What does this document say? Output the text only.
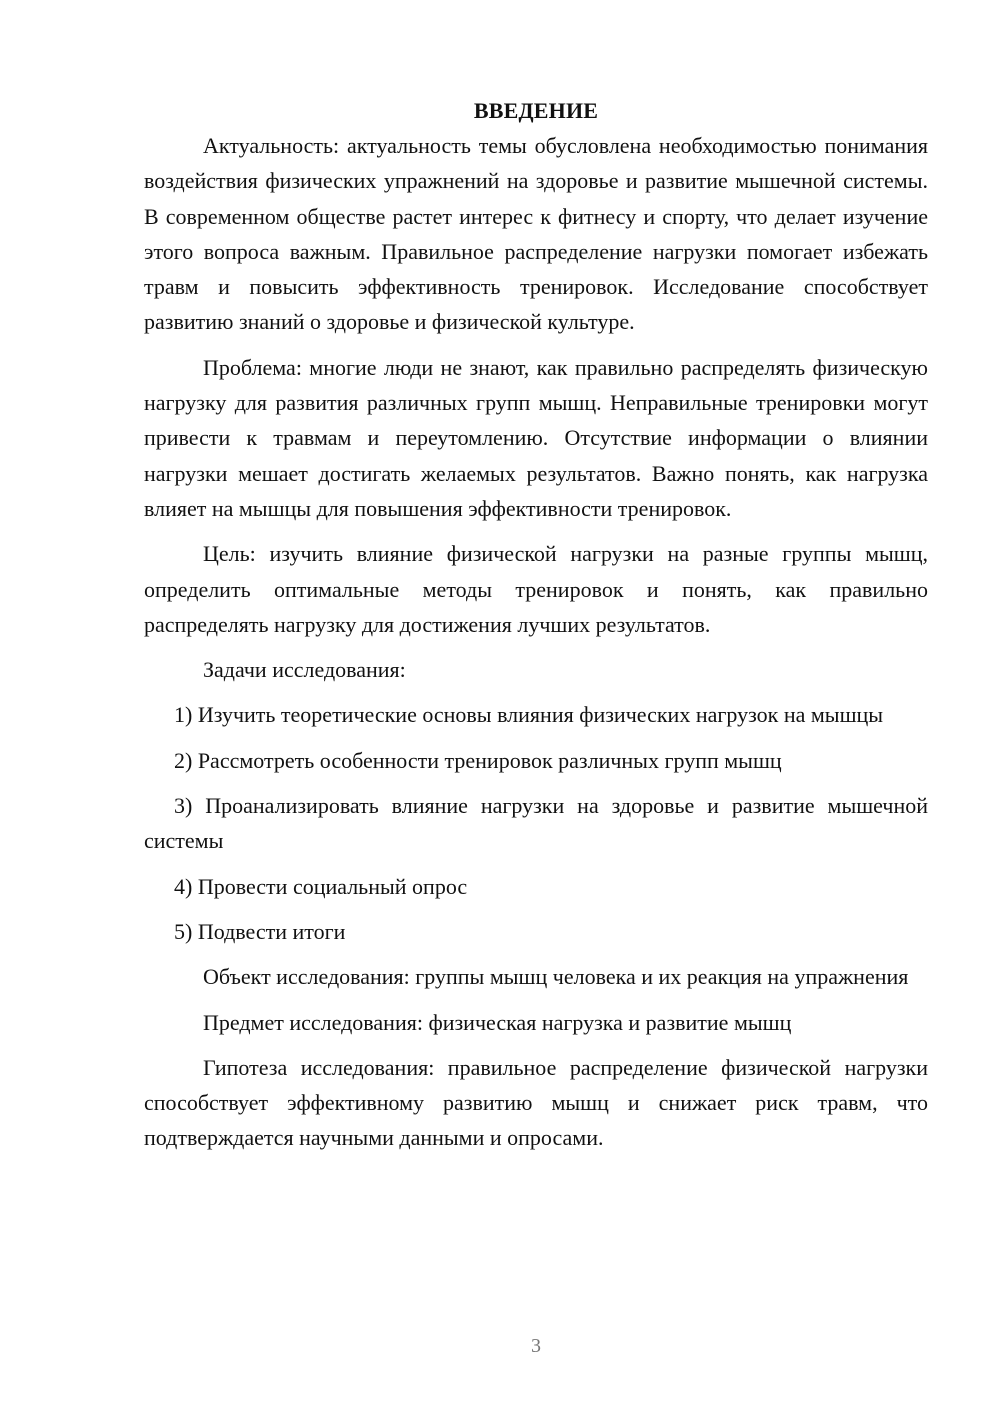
ВВЕДЕНИЕ

Актуальность: актуальность темы обусловлена необходимостью понимания воздействия физических упражнений на здоровье и развитие мышечной системы. В современном обществе растет интерес к фитнесу и спорту, что делает изучение этого вопроса важным. Правильное распределение нагрузки помогает избежать травм и повысить эффективность тренировок. Исследование способствует развитию знаний о здоровье и физической культуре.

Проблема: многие люди не знают, как правильно распределять физическую нагрузку для развития различных групп мышц. Неправильные тренировки могут привести к травмам и переутомлению. Отсутствие информации о влиянии нагрузки мешает достигать желаемых результатов. Важно понять, как нагрузка влияет на мышцы для повышения эффективности тренировок.

Цель: изучить влияние физической нагрузки на разные группы мышц, определить оптимальные методы тренировок и понять, как правильно распределять нагрузку для достижения лучших результатов.

Задачи исследования:

1) Изучить теоретические основы влияния физических нагрузок на мышцы

2) Рассмотреть особенности тренировок различных групп мышц

3) Проанализировать влияние нагрузки на здоровье и развитие мышечной системы

4) Провести социальный опрос

5) Подвести итоги

Объект исследования: группы мышц человека и их реакция на упражнения

Предмет исследования: физическая нагрузка и развитие мышц

Гипотеза исследования: правильное распределение физической нагрузки способствует эффективному развитию мышц и снижает риск травм, что подтверждается научными данными и опросами.

3
